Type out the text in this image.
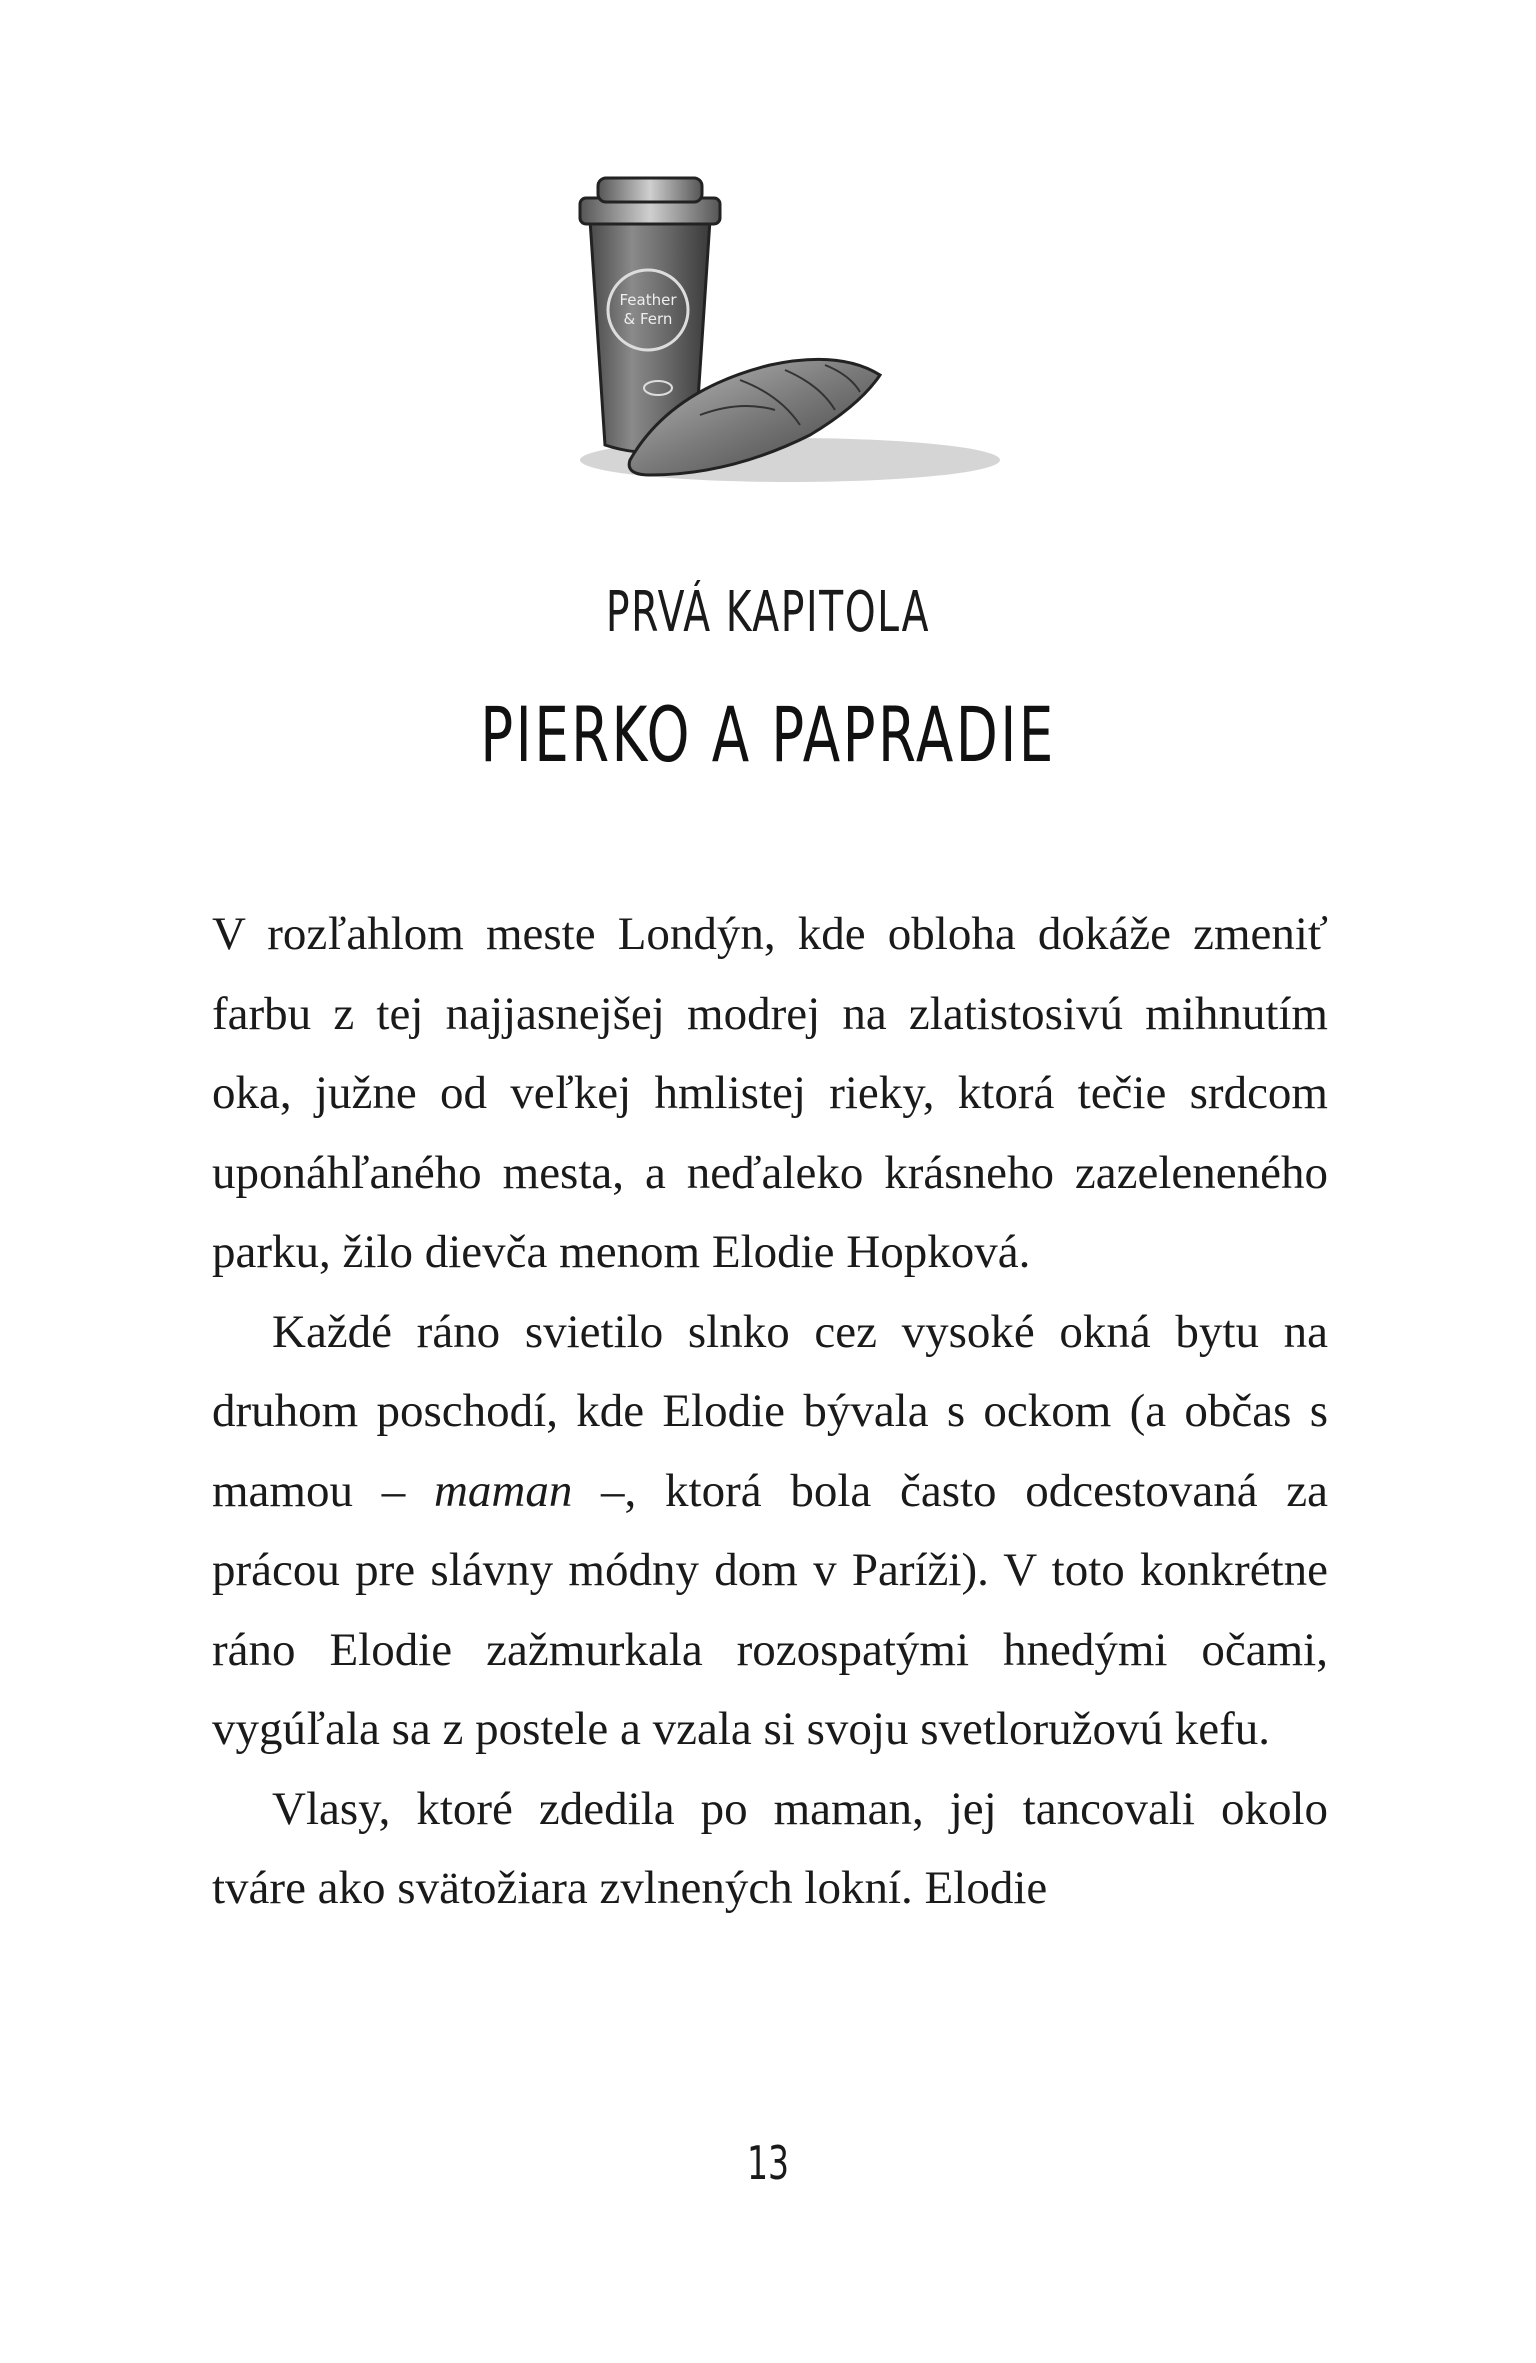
Feather
& Fern
PRVÁ KAPITOLA
PIERKO A PAPRADIE

V rozľahlom meste Londýn, kde obloha dokáže zmeniť farbu z tej najjasnejšej modrej na zlatistosivú mihnutím oka, južne od veľkej hmlistej rieky, ktorá tečie srdcom uponáhľaného mesta, a neďaleko krásneho zazeleneného parku, žilo dievča menom Elodie Hopková.

Každé ráno svietilo slnko cez vysoké okná bytu na druhom poschodí, kde Elodie bývala s ockom (a občas s mamou – maman –, ktorá bola často odcestovaná za prácou pre slávny módny dom v Paríži). V toto konkrétne ráno Elodie zažmurkala rozospatými hnedými očami, vygúľala sa z postele a vzala si svoju svetloružovú kefu.

Vlasy, ktoré zdedila po maman, jej tancovali okolo tváre ako svätožiara zvlnených lokní. Elodie

13
